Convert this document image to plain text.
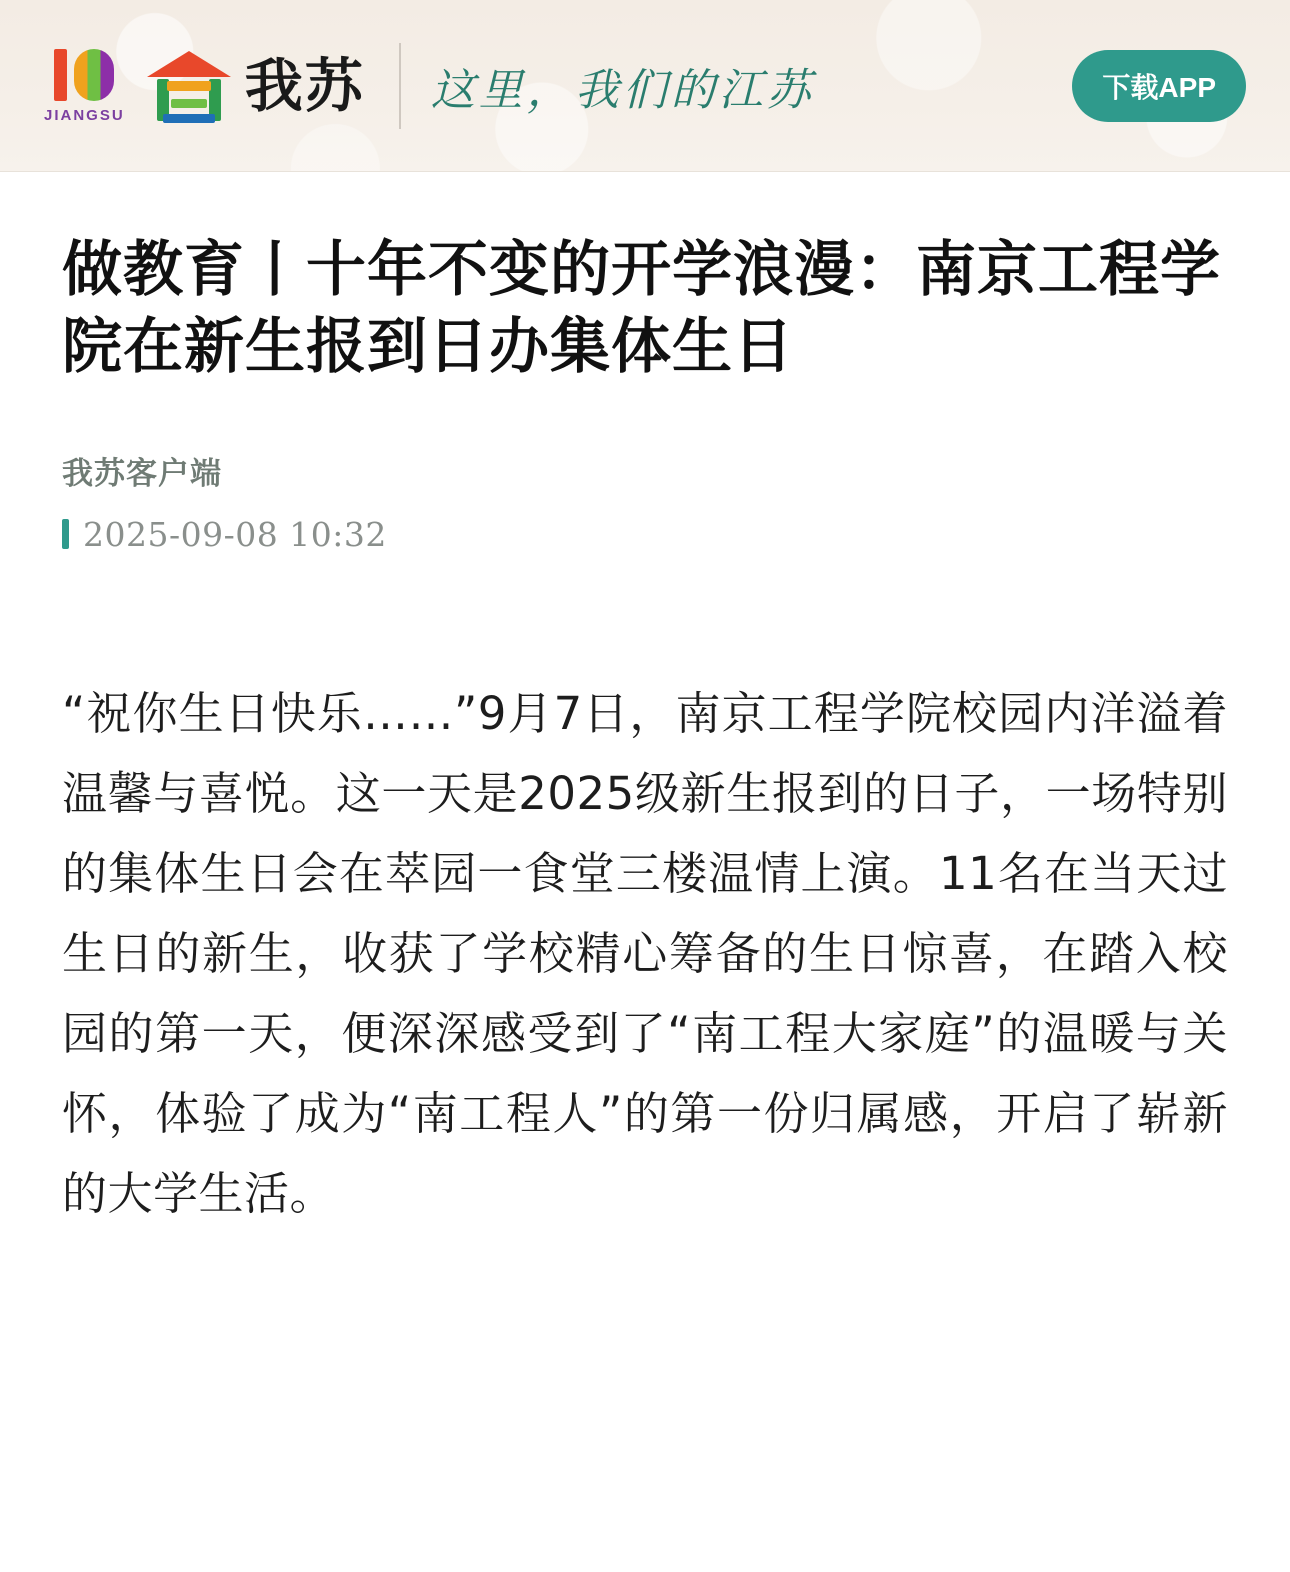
JIANGSU 我苏 这里，我们的江苏	下载APP
做教育丨十年不变的开学浪漫：南京工程学院在新生报到日办集体生日
我苏客户端
2025-09-08 10:32

“祝你生日快乐……”9月7日，南京工程学院校园内洋溢着温馨与喜悦。这一天是2025级新生报到的日子，一场特别的集体生日会在萃园一食堂三楼温情上演。11名在当天过生日的新生，收获了学校精心筹备的生日惊喜，在踏入校园的第一天，便深深感受到了“南工程大家庭”的温暖与关怀，体验了成为“南工程人”的第一份归属感，开启了崭新的大学生活。
